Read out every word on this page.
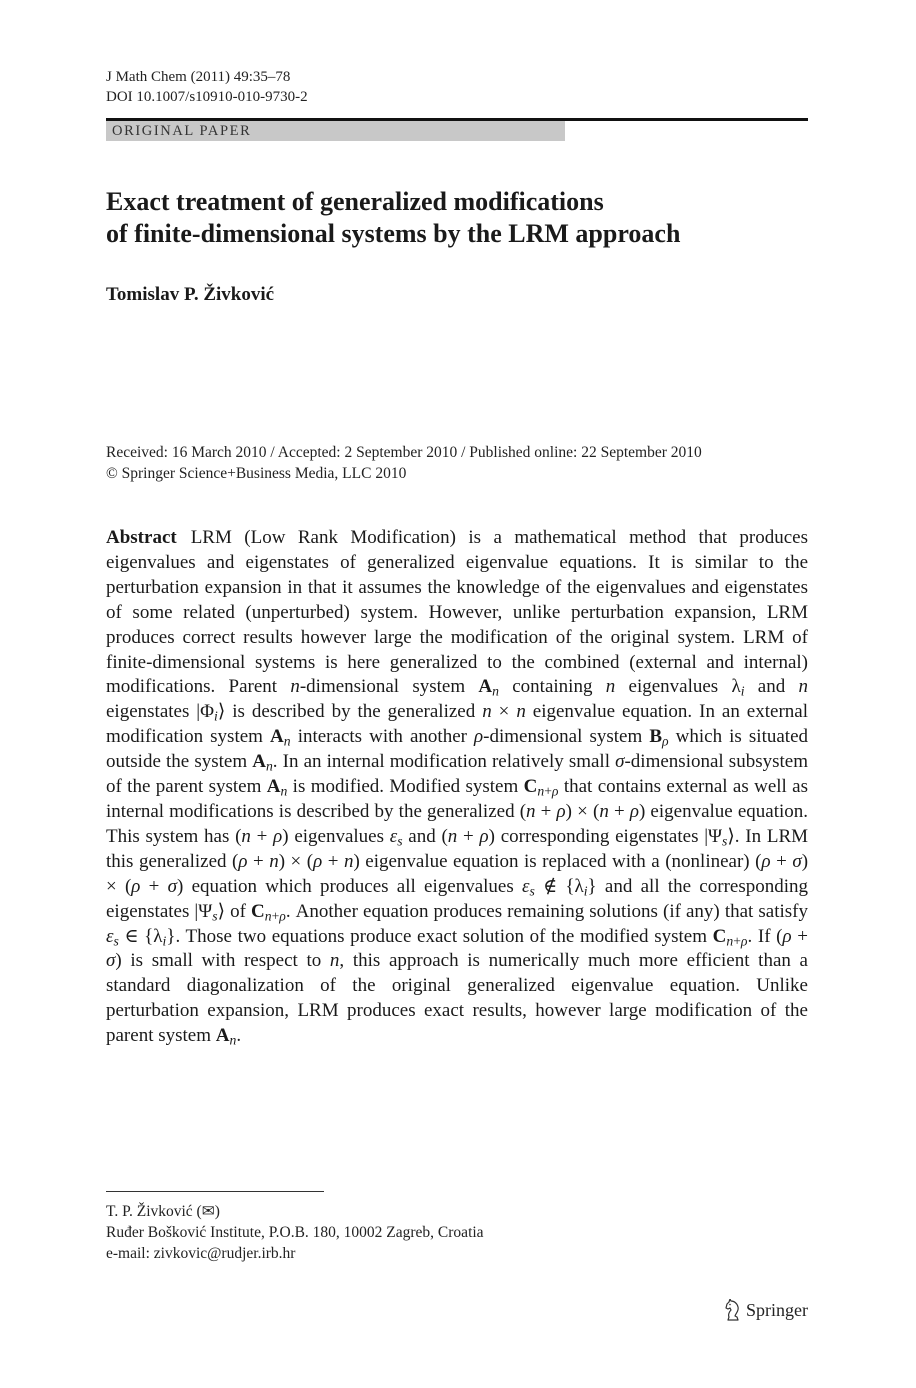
J Math Chem (2011) 49:35–78
DOI 10.1007/s10910-010-9730-2
ORIGINAL PAPER
Exact treatment of generalized modifications
of finite-dimensional systems by the LRM approach
Tomislav P. Živković
Received: 16 March 2010 / Accepted: 2 September 2010 / Published online: 22 September 2010
© Springer Science+Business Media, LLC 2010
Abstract LRM (Low Rank Modification) is a mathematical method that produces eigenvalues and eigenstates of generalized eigenvalue equations. It is similar to the perturbation expansion in that it assumes the knowledge of the eigenvalues and eigenstates of some related (unperturbed) system. However, unlike perturbation expansion, LRM produces correct results however large the modification of the original system. LRM of finite-dimensional systems is here generalized to the combined (external and internal) modifications. Parent n-dimensional system $A_n$ containing n eigenvalues $\lambda_i$ and n eigenstates $|\Phi_i⟩$ is described by the generalized n × n eigenvalue equation. In an external modification system $A_n$ interacts with another ρ-dimensional system $B_\rho$ which is situated outside the system $A_n$. In an internal modification relatively small σ-dimensional subsystem of the parent system $A_n$ is modified. Modified system $C_{n+\rho}$ that contains external as well as internal modifications is described by the generalized (n + ρ) × (n + ρ) eigenvalue equation. This system has (n + ρ) eigenvalues $\varepsilon_s$ and (n + ρ) corresponding eigenstates $|\Psi_s⟩$. In LRM this generalized (ρ + n) × (ρ + n) eigenvalue equation is replaced with a (nonlinear) (ρ + σ) × (ρ + σ) equation which produces all eigenvalues $\varepsilon_s$ ∉ $\{\lambda_i\}$ and all the corresponding eigenstates $|\Psi_s⟩$ of $C_{n+\rho}$. Another equation produces remaining solutions (if any) that satisfy $\varepsilon_s$ ∈ $\{\lambda_i\}$. Those two equations produce exact solution of the modified system $C_{n+\rho}$. If (ρ + σ) is small with respect to n, this approach is numerically much more efficient than a standard diagonalization of the original generalized eigenvalue equation. Unlike perturbation expansion, LRM produces exact results, however large modification of the parent system $A_n$.
T. P. Živković (✉)
Ruđer Bošković Institute, P.O.B. 180, 10002 Zagreb, Croatia
e-mail: zivkovic@rudjer.irb.hr
Springer
